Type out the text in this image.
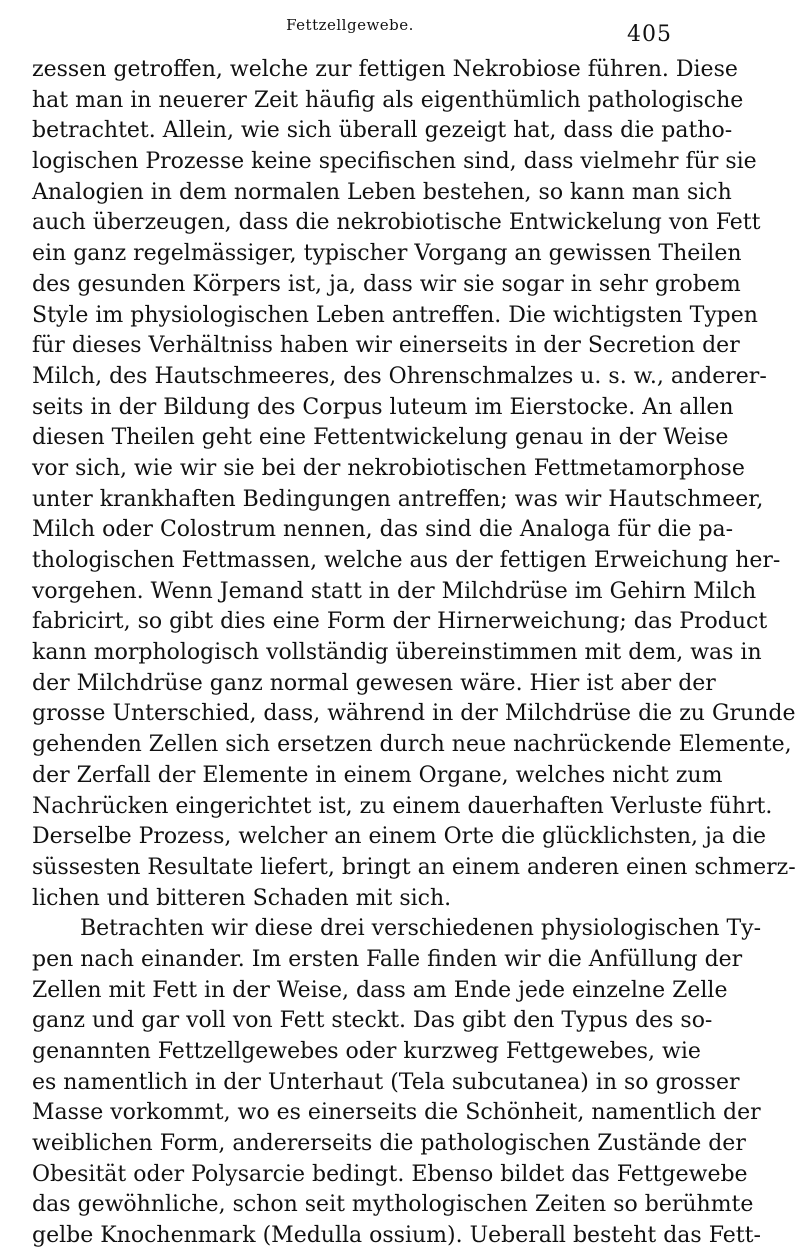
Fettzellgewebe.	405
zessen getroffen, welche zur fettigen Nekrobiose führen. Diese
hat man in neuerer Zeit häufig als eigenthümlich pathologische
betrachtet. Allein, wie sich überall gezeigt hat, dass die patho-
logischen Prozesse keine specifischen sind, dass vielmehr für sie
Analogien in dem normalen Leben bestehen, so kann man sich
auch überzeugen, dass die nekrobiotische Entwickelung von Fett
ein ganz regelmässiger, typischer Vorgang an gewissen Theilen
des gesunden Körpers ist, ja, dass wir sie sogar in sehr grobem
Style im physiologischen Leben antreffen. Die wichtigsten Typen
für dieses Verhältniss haben wir einerseits in der Secretion der
Milch, des Hautschmeeres, des Ohrenschmalzes u. s. w., anderer-
seits in der Bildung des Corpus luteum im Eierstocke. An allen
diesen Theilen geht eine Fettentwickelung genau in der Weise
vor sich, wie wir sie bei der nekrobiotischen Fettmetamorphose
unter krankhaften Bedingungen antreffen; was wir Hautschmeer,
Milch oder Colostrum nennen, das sind die Analoga für die pa-
thologischen Fettmassen, welche aus der fettigen Erweichung her-
vorgehen. Wenn Jemand statt in der Milchdrüse im Gehirn Milch
fabricirt, so gibt dies eine Form der Hirnerweichung; das Product
kann morphologisch vollständig übereinstimmen mit dem, was in
der Milchdrüse ganz normal gewesen wäre. Hier ist aber der
grosse Unterschied, dass, während in der Milchdrüse die zu Grunde
gehenden Zellen sich ersetzen durch neue nachrückende Elemente,
der Zerfall der Elemente in einem Organe, welches nicht zum
Nachrücken eingerichtet ist, zu einem dauerhaften Verluste führt.
Derselbe Prozess, welcher an einem Orte die glücklichsten, ja die
süssesten Resultate liefert, bringt an einem anderen einen schmerz-
lichen und bitteren Schaden mit sich.
Betrachten wir diese drei verschiedenen physiologischen Ty-
pen nach einander. Im ersten Falle finden wir die Anfüllung der
Zellen mit Fett in der Weise, dass am Ende jede einzelne Zelle
ganz und gar voll von Fett steckt. Das gibt den Typus des so-
genannten Fettzellgewebes oder kurzweg Fettgewebes, wie
es namentlich in der Unterhaut (Tela subcutanea) in so grosser
Masse vorkommt, wo es einerseits die Schönheit, namentlich der
weiblichen Form, andererseits die pathologischen Zustände der
Obesität oder Polysarcie bedingt. Ebenso bildet das Fettgewebe
das gewöhnliche, schon seit mythologischen Zeiten so berühmte
gelbe Knochenmark (Medulla ossium). Ueberall besteht das Fett-
